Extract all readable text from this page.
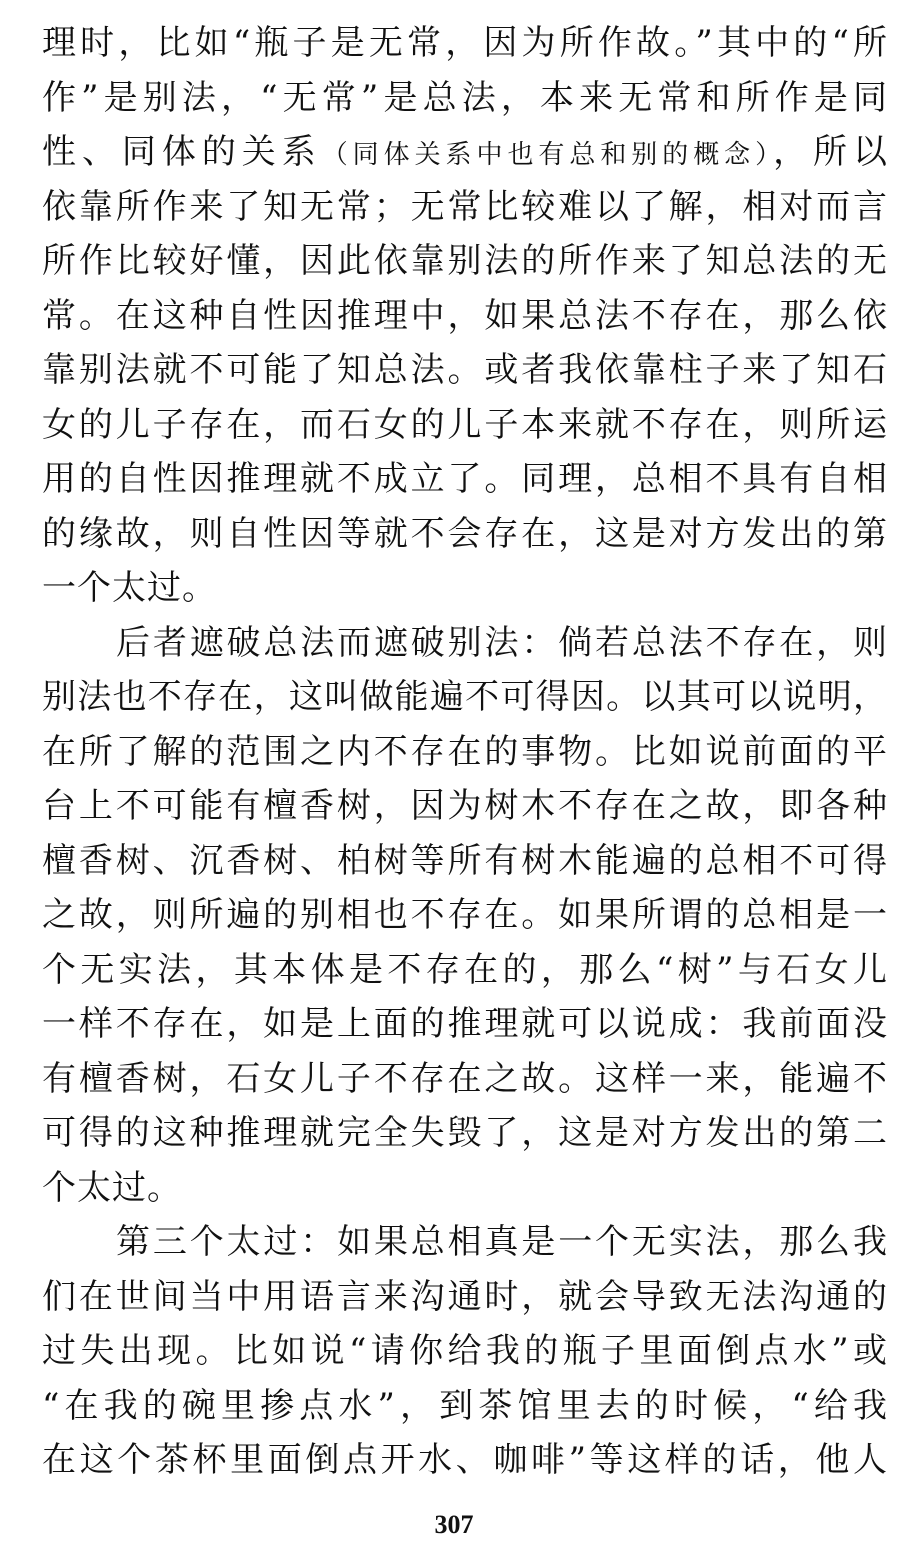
理时，比如“瓶子是无常，因为所作故。”其中的“所
作”是别法，“无常”是总法，本来无常和所作是同
性、同体的关系（同体关系中也有总和别的概念），所以
依靠所作来了知无常；无常比较难以了解，相对而言
所作比较好懂，因此依靠别法的所作来了知总法的无
常。在这种自性因推理中，如果总法不存在，那么依
靠别法就不可能了知总法。或者我依靠柱子来了知石
女的儿子存在，而石女的儿子本来就不存在，则所运
用的自性因推理就不成立了。同理，总相不具有自相
的缘故，则自性因等就不会存在，这是对方发出的第
一个太过。
后者遮破总法而遮破别法：倘若总法不存在，则
别法也不存在，这叫做能遍不可得因。以其可以说明，
在所了解的范围之内不存在的事物。比如说前面的平
台上不可能有檀香树，因为树木不存在之故，即各种
檀香树、沉香树、柏树等所有树木能遍的总相不可得
之故，则所遍的别相也不存在。如果所谓的总相是一
个无实法，其本体是不存在的，那么“树”与石女儿
一样不存在，如是上面的推理就可以说成：我前面没
有檀香树，石女儿子不存在之故。这样一来，能遍不
可得的这种推理就完全失毁了，这是对方发出的第二
个太过。
第三个太过：如果总相真是一个无实法，那么我
们在世间当中用语言来沟通时，就会导致无法沟通的
过失出现。比如说“请你给我的瓶子里面倒点水”或
“在我的碗里掺点水”，到茶馆里去的时候，“给我
在这个茶杯里面倒点开水、咖啡”等这样的话，他人
307
